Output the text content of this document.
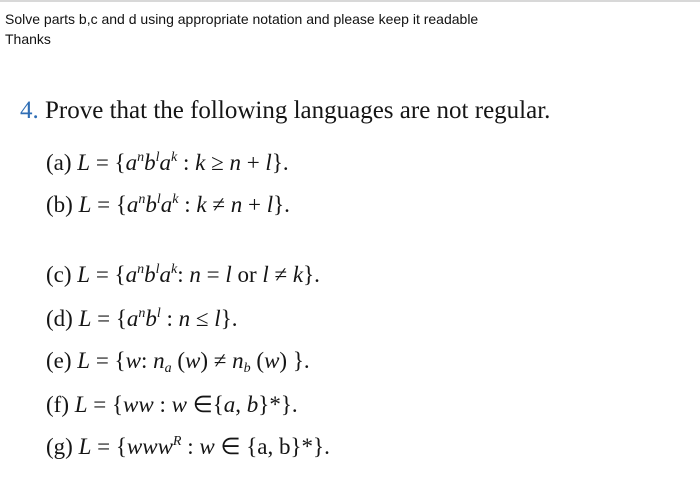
Solve parts b,c and d using appropriate notation and please keep it readable
Thanks
4. Prove that the following languages are not regular.
(a) $L = \{a^nb^la^k$ : k ≥ n + l}.
(b) $L = \{a^nb^la^k$ : k ≠ n + l}.
(c) $L = \{a^nb^la^k$: n = l or l ≠ k}.
(d) $L = \{a^nb^l$ : n ≤ l}.
(e) L = {w: $n_a$ $(w) \ne n_b$ (w) }.
(f) L = {ww : w ∈{a, b}*}.
(g) L = {www$^R$ : w ∈ {a, b}*}.
